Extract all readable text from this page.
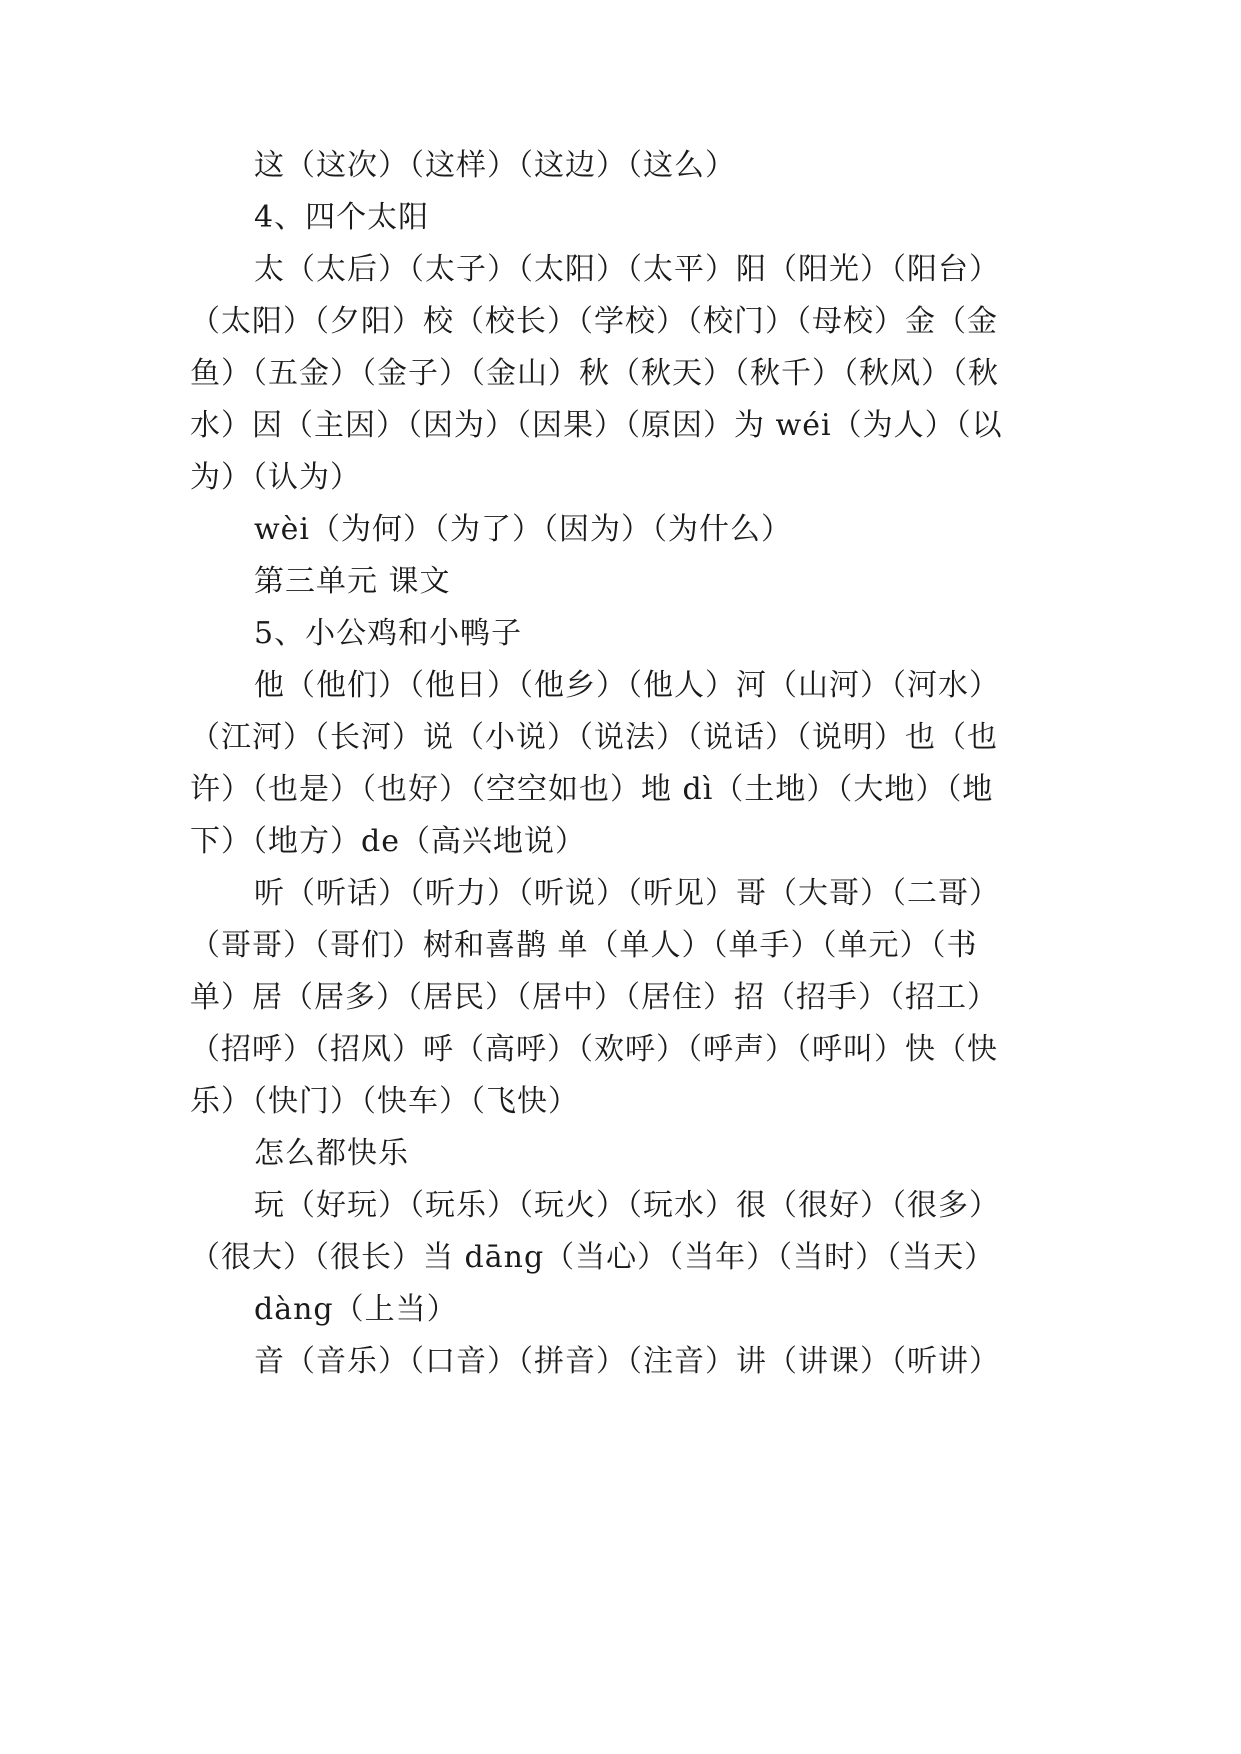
这（这次）（这样）（这边）（这么）

4、四个太阳

太（太后）（太子）（太阳）（太平）阳（阳光）（阳台）

（太阳）（夕阳）校（校长）（学校）（校门）（母校）金（金

鱼）（五金）（金子）（金山）秋（秋天）（秋千）（秋风）（秋

水）因（主因）（因为）（因果）（原因）为 wéi（为人）（以

为）（认为）

wèi（为何）（为了）（因为）（为什么）

第三单元 课文

5、小公鸡和小鸭子

他（他们）（他日）（他乡）（他人）河（山河）（河水）

（江河）（长河）说（小说）（说法）（说话）（说明）也（也

许）（也是）（也好）（空空如也）地 dì（土地）（大地）（地

下）（地方）de（高兴地说）

听（听话）（听力）（听说）（听见）哥（大哥）（二哥）

（哥哥）（哥们）树和喜鹊 单（单人）（单手）（单元）（书

单）居（居多）（居民）（居中）（居住）招（招手）（招工）

（招呼）（招风）呼（高呼）（欢呼）（呼声）（呼叫）快（快

乐）（快门）（快车）（飞快）

怎么都快乐

玩（好玩）（玩乐）（玩火）（玩水）很（很好）（很多）

（很大）（很长）当 dāng（当心）（当年）（当时）（当天）

dàng（上当）

音（音乐）（口音）（拼音）（注音）讲（讲课）（听讲）
